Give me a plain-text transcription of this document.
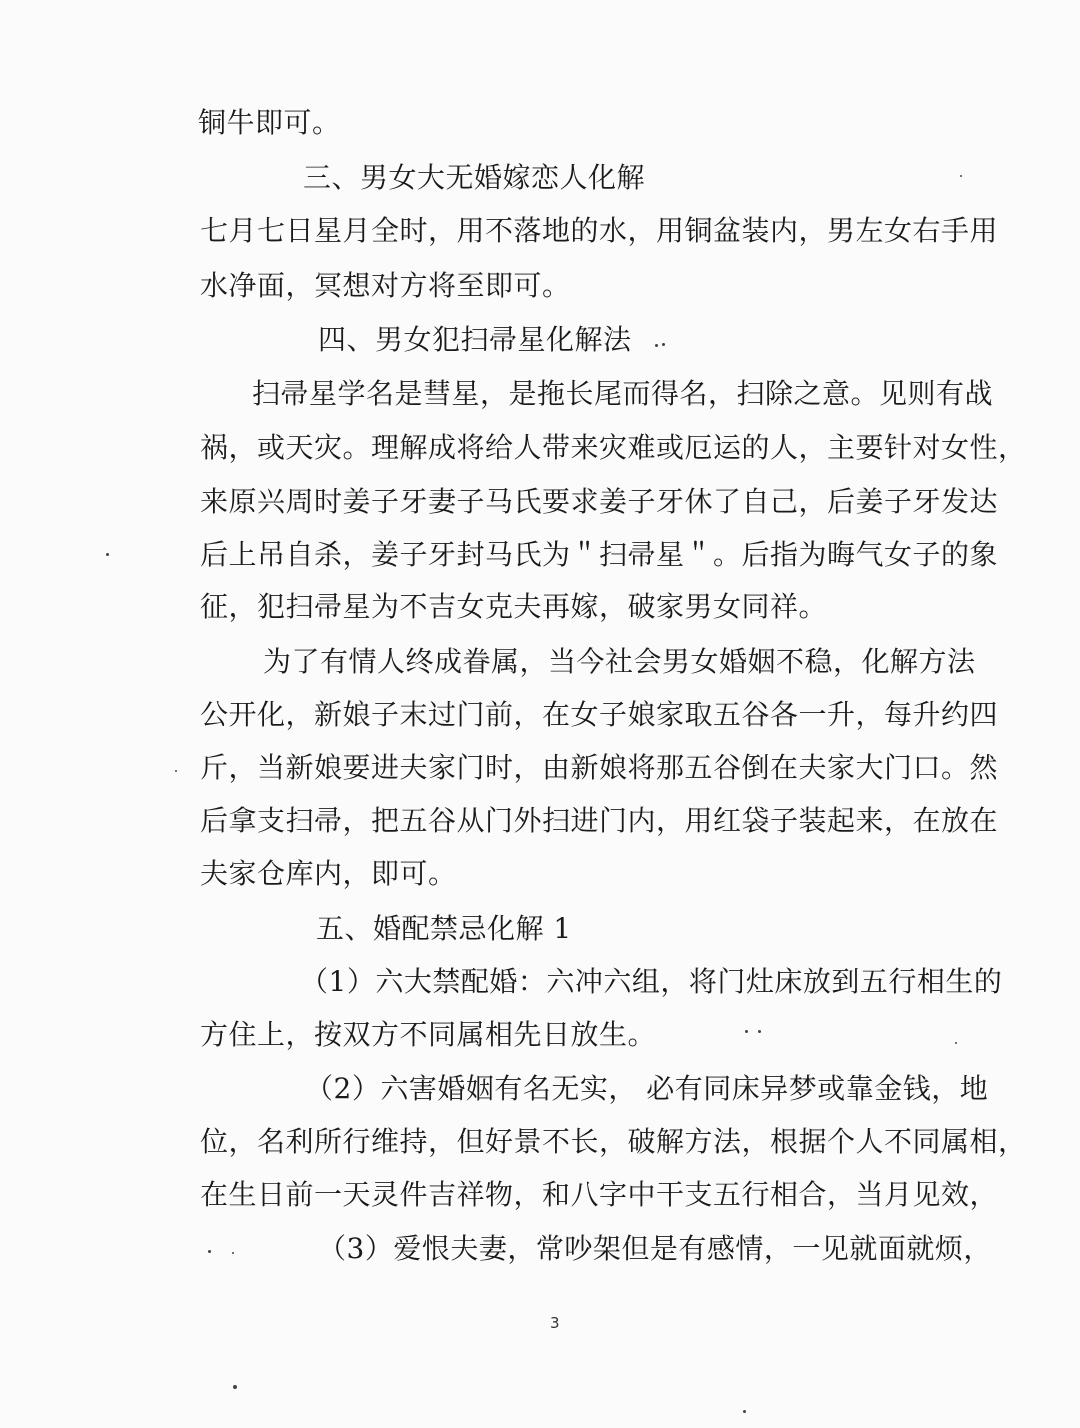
铜牛即可。
三、男女大无婚嫁恋人化解
七月七日星月全时，用不落地的水，用铜盆装内，男左女右手用
水净面，冥想对方将至即可。
四、男女犯扫帚星化解法
扫帚星学名是彗星，是拖长尾而得名，扫除之意。见则有战
祸，或天灾。理解成将给人带来灾难或厄运的人，主要针对女性，
来原兴周时姜子牙妻子马氏要求姜子牙休了自己，后姜子牙发达
后上吊自杀，姜子牙封马氏为＂扫帚星＂。后指为晦气女子的象
征，犯扫帚星为不吉女克夫再嫁，破家男女同祥。
为了有情人终成眷属，当今社会男女婚姻不稳，化解方法
公开化，新娘子末过门前，在女子娘家取五谷各一升，每升约四
斤，当新娘要进夫家门时，由新娘将那五谷倒在夫家大门口。然
后拿支扫帚，把五谷从门外扫进门内，用红袋子装起来，在放在
夫家仓库内，即可。
五、婚配禁忌化解 1
（1）六大禁配婚：六冲六组，将门灶床放到五行相生的
方住上，按双方不同属相先日放生。
（2）六害婚姻有名无实， 必有同床异梦或靠金钱，地
位，名利所行维持，但好景不长，破解方法，根据个人不同属相，
在生日前一天灵件吉祥物，和八字中干支五行相合，当月见效，
（3）爱恨夫妻，常吵架但是有感情，一见就面就烦，
3
